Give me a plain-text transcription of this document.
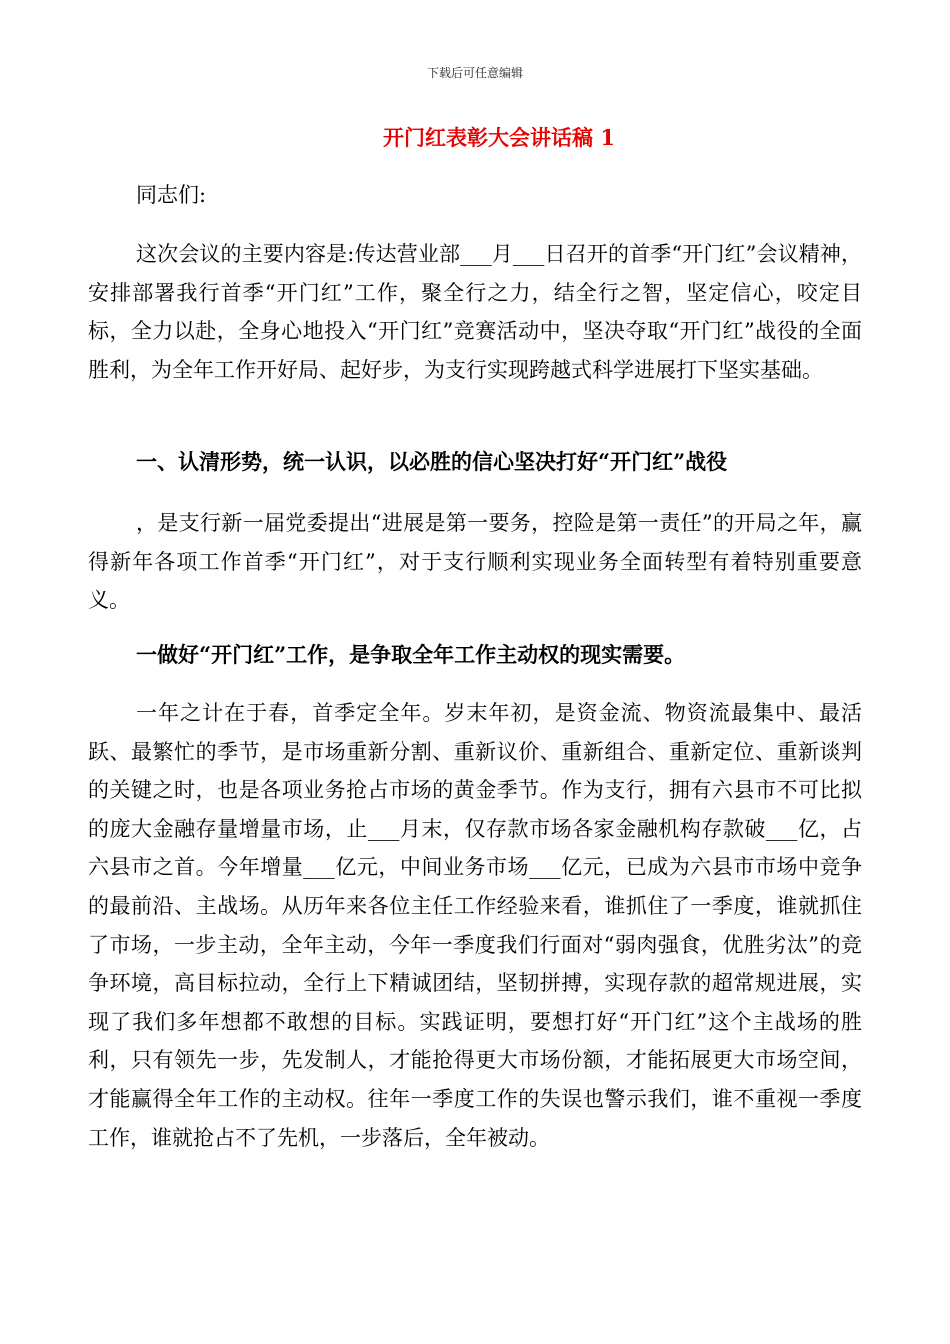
下载后可任意编辑
开门红表彰大会讲话稿 1
同志们:

这次会议的主要内容是:传达营业部___月___日召开的首季“开门红”会议精神，安排部署我行首季“开门红”工作，聚全行之力，结全行之智，坚定信心，咬定目标，全力以赴，全身心地投入“开门红”竞赛活动中，坚决夺取“开门红”战役的全面胜利，为全年工作开好局、起好步，为支行实现跨越式科学进展打下坚实基础。

一、认清形势，统一认识，以必胜的信心坚决打好“开门红”战役

，是支行新一届党委提出“进展是第一要务，控险是第一责任”的开局之年，赢得新年各项工作首季“开门红”，对于支行顺利实现业务全面转型有着特别重要意义。

一做好“开门红”工作，是争取全年工作主动权的现实需要。

一年之计在于春，首季定全年。岁末年初，是资金流、物资流最集中、最活跃、最繁忙的季节，是市场重新分割、重新议价、重新组合、重新定位、重新谈判的关键之时，也是各项业务抢占市场的黄金季节。作为支行，拥有六县市不可比拟的庞大金融存量增量市场，止___月末，仅存款市场各家金融机构存款破___亿，占六县市之首。今年增量___亿元，中间业务市场___亿元，已成为六县市市场中竞争的最前沿、主战场。从历年来各位主任工作经验来看，谁抓住了一季度，谁就抓住了市场，一步主动，全年主动，今年一季度我们行面对“弱肉强食，优胜劣汰”的竞争环境，高目标拉动，全行上下精诚团结，坚韧拼搏，实现存款的超常规进展，实现了我们多年想都不敢想的目标。实践证明，要想打好“开门红”这个主战场的胜利，只有领先一步，先发制人，才能抢得更大市场份额，才能拓展更大市场空间，才能赢得全年工作的主动权。往年一季度工作的失误也警示我们，谁不重视一季度工作，谁就抢占不了先机，一步落后，全年被动。
